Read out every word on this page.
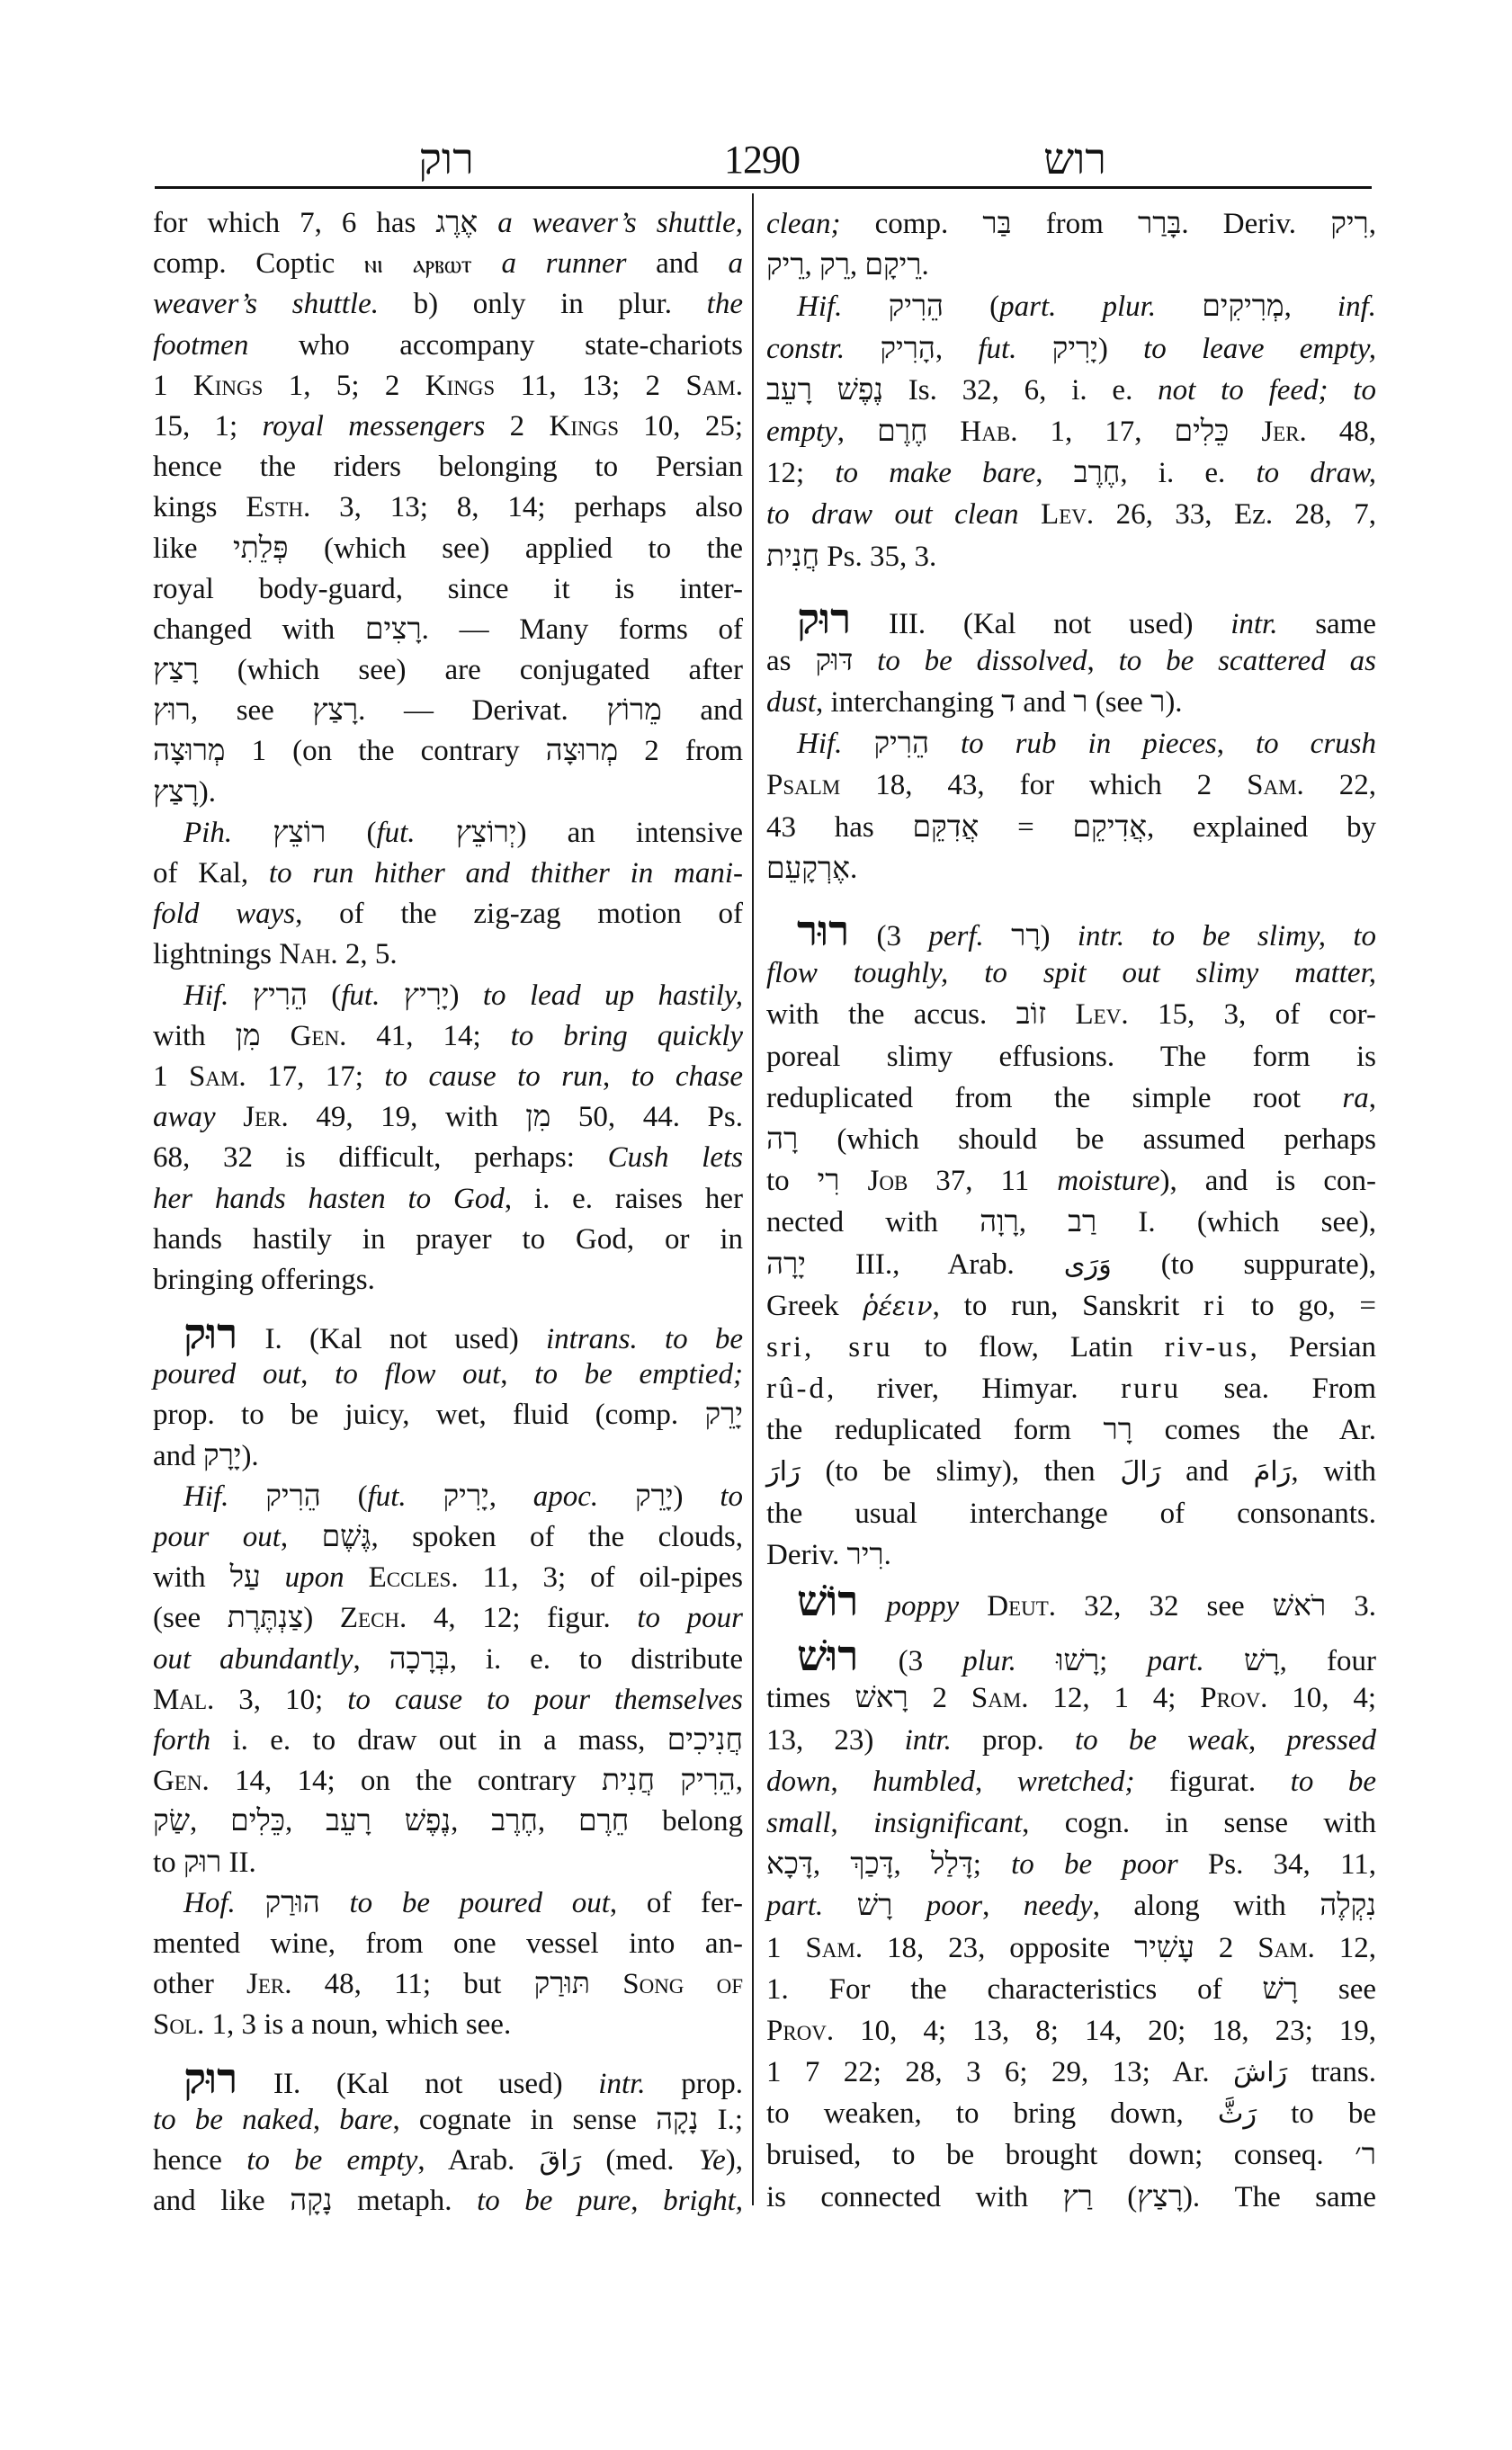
רוק	1290	רוש
for which 7, 6 has אֶרֶג a weaver’s shuttle,
comp. Coptic ⲛⲓ ⲁⲣⲃⲱⲧ a runner and a
weaver’s shuttle. b) only in plur. the
footmen who accompany state-chariots
1 Kings 1, 5; 2 Kings 11, 13; 2 Sam.
15, 1; royal messengers 2 Kings 10, 25;
hence the riders belonging to Persian
kings Esth. 3, 13; 8, 14; perhaps also
like פְּלֵתִי (which see) applied to the
royal body-guard, since it is inter-
changed with רָצִים. — Many forms of
רָצַץ (which see) are conjugated after
רוּץ, see רָצַץ. — Derivat. מֵרוֹץ and
מְרוּצָה 1 (on the contrary מְרוּצָה 2 from
רָצַץ).
Pih. רוֹצֵץ (fut. יְרוֹצֵץ) an intensive
of Kal, to run hither and thither in mani-
fold ways, of the zig-zag motion of
lightnings Nah. 2, 5.
Hif. הֵרִיץ (fut. יָרִיץ) to lead up hastily,
with מִן Gen. 41, 14; to bring quickly
1 Sam. 17, 17; to cause to run, to chase
away Jer. 49, 19, with מִן 50, 44. Ps.
68, 32 is difficult, perhaps: Cush lets
her hands hasten to God, i. e. raises her
hands hastily in prayer to God, or in
bringing offerings.
רוּק I. (Kal not used) intrans. to be
poured out, to flow out, to be emptied;
prop. to be juicy, wet, fluid (comp. יָרֵק
and יָרָק).
Hif. הֵרִיק (fut. יָרִיק, apoc. יָרֵק) to
pour out, גֶּשֶׁם, spoken of the clouds,
with עַל upon Eccles. 11, 3; of oil-pipes
(see צַנְתֶּרֶת) Zech. 4, 12; figur. to pour
out abundantly, בְּרָכָה, i. e. to distribute
Mal. 3, 10; to cause to pour themselves
forth i. e. to draw out in a mass, חֲנִיכִים
Gen. 14, 14; on the contrary הֵרִיק חֲנִית,
שַׂק, כֵּלִים, נֶפֶשׁ רָעֵב, חֶרֶב, חֵרֶם belong
to רוּק II.
Hof. הוּרַק to be poured out, of fer-
mented wine, from one vessel into an-
other Jer. 48, 11; but תּוּרַק Song of
Sol. 1, 3 is a noun, which see.
רוּק II. (Kal not used) intr. prop.
to be naked, bare, cognate in sense נָקָה I.;
hence to be empty, Arab. رَاقَ (med. Ye),
and like נָקָה metaph. to be pure, bright,
clean; comp. בַּר from בָּרַר. Deriv. רִיק,
רֵיק, רֵק, רֵיקָם.
Hif. הֵרִיק (part. plur. מְרִיקִים, inf.
constr. הָרִיק, fut. יָרִיק) to leave empty,
נֶפֶשׁ רָעֵב Is. 32, 6, i. e. not to feed; to
empty, חֶרֶם Hab. 1, 17, כֵּלִים Jer. 48,
12; to make bare, חֶרֶב, i. e. to draw,
to draw out clean Lev. 26, 33, Ez. 28, 7,
חֲנִית Ps. 35, 3.
רוּק III. (Kal not used) intr. same
as דּוּק to be dissolved, to be scattered as
dust, interchanging ד and ר (see ר).
Hif. הֵרִיק to rub in pieces, to crush
Psalm 18, 43, for which 2 Sam. 22,
43 has אֲדִקֵּם = אֲדִיקֵם, explained by
אֶרְקָעֵם.
רוּר (3 perf. רָר) intr. to be slimy, to
flow toughly, to spit out slimy matter,
with the accus. זוֹב Lev. 15, 3, of cor-
poreal slimy effusions. The form is
reduplicated from the simple root ra,
רָה (which should be assumed perhaps
to רִי Job 37, 11 moisture), and is con-
nected with רָוָה, רַב I. (which see),
יָרָה III., Arab. وَرَى (to suppurate),
Greek ῥέειν, to run, Sanskrit ri to go, =
sri, sru to flow, Latin riv-us, Persian
rû-d, river, Himyar. ruru sea. From
the reduplicated form רָר comes the Ar.
رَارَ (to be slimy), then رَالَ and رَامَ, with
the usual interchange of consonants.
Deriv. רִיר.
רוֹשׁ poppy Deut. 32, 32 see רֹאשׁ 3.
רוּשׁ (3 plur. רָשׁוּ; part. רָשׁ, four
times רָאשׁ 2 Sam. 12, 1 4; Prov. 10, 4;
13, 23) intr. prop. to be weak, pressed
down, humbled, wretched; figurat. to be
small, insignificant, cogn. in sense with
דָּכָא, דָּכַךְ, דָּלַל; to be poor Ps. 34, 11,
part. רָשׁ poor, needy, along with נִקְלֶה
1 Sam. 18, 23, opposite עָשִׁיר 2 Sam. 12,
1. For the characteristics of רָשׁ see
Prov. 10, 4; 13, 8; 14, 20; 18, 23; 19,
1 7 22; 28, 3 6; 29, 13; Ar. رَاشَ trans.
to weaken, to bring down, رَثَّ to be
bruised, to be brought down; conseq. ר׳
is connected with רַץ (רָצַץ). The same
